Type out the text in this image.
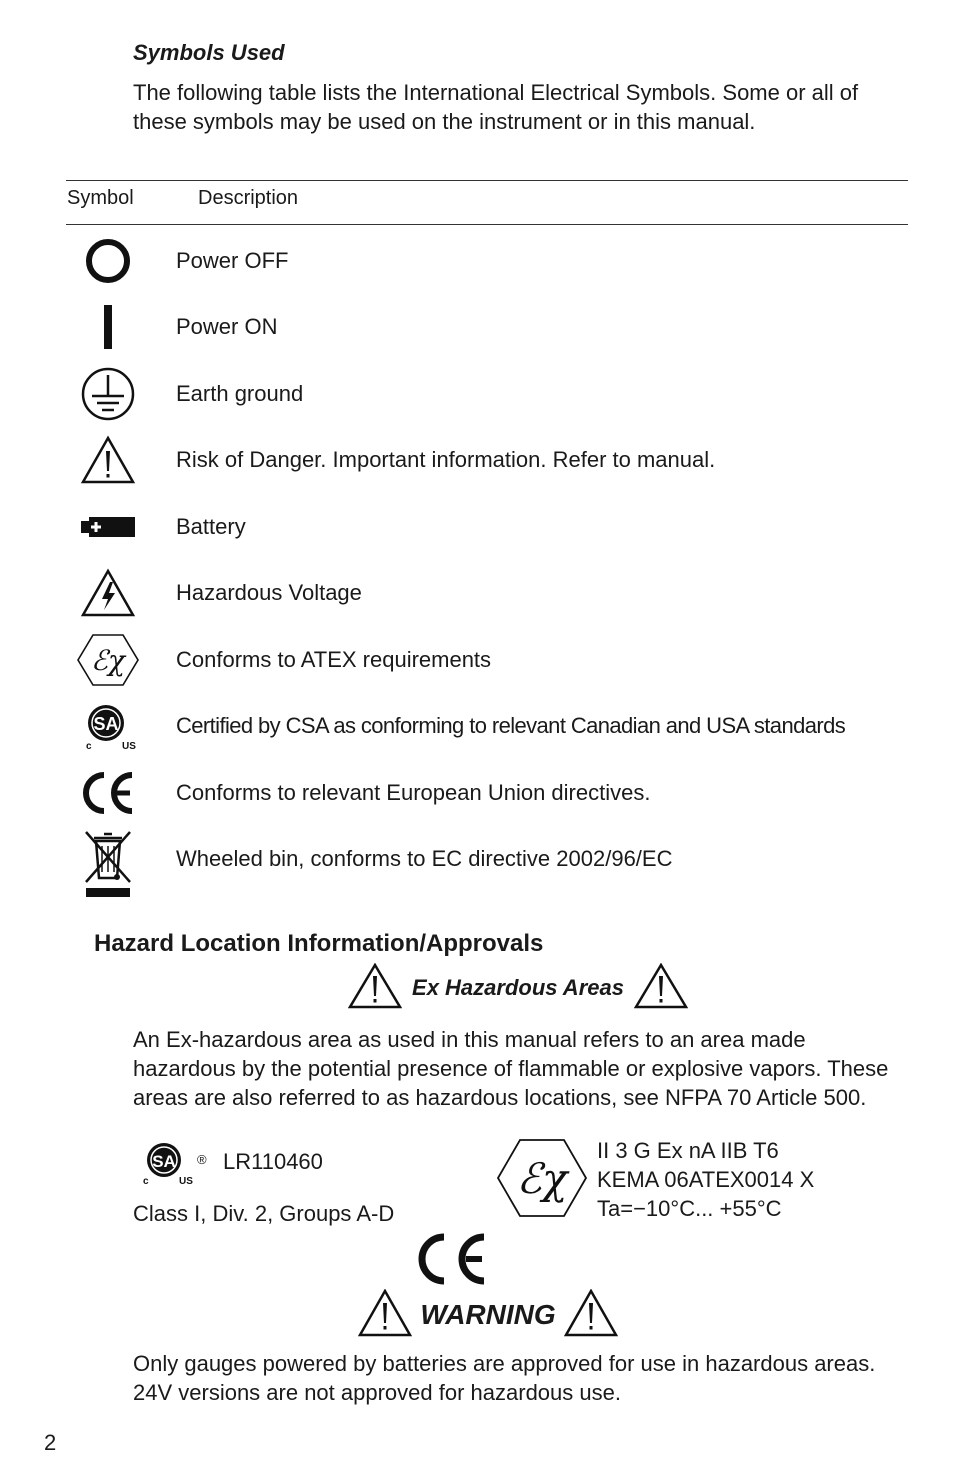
Symbols Used
The following table lists the International Electrical Symbols. Some or all of these symbols may be used on the instrument or in this manual.
Symbol	Description
Power OFF
Power ON
Earth ground
Risk of Danger. Important information. Refer to manual.
Battery
Hazardous Voltage
ℰχ Conforms to ATEX requirements
SA
c	US
Certified by CSA as conforming to relevant Canadian and USA standards
Conforms to relevant European Union directives.
Wheeled bin, conforms to EC directive 2002/96/EC
Hazard Location Information/Approvals
Ex Hazardous Areas
An Ex-hazardous area as used in this manual refers to an area made hazardous by the potential presence of flammable or explosive vapors. These areas are also referred to as hazardous locations, see NFPA 70 Article 500.
SA
c	US
® LR110460
Class I, Div. 2, Groups A-D
ℰχ
II 3 G Ex nA IIB T6
KEMA 06ATEX0014 X
Ta=−10°C... +55°C
WARNING
Only gauges powered by batteries are approved for use in hazardous areas. 24V versions are not approved for hazardous use.
2
